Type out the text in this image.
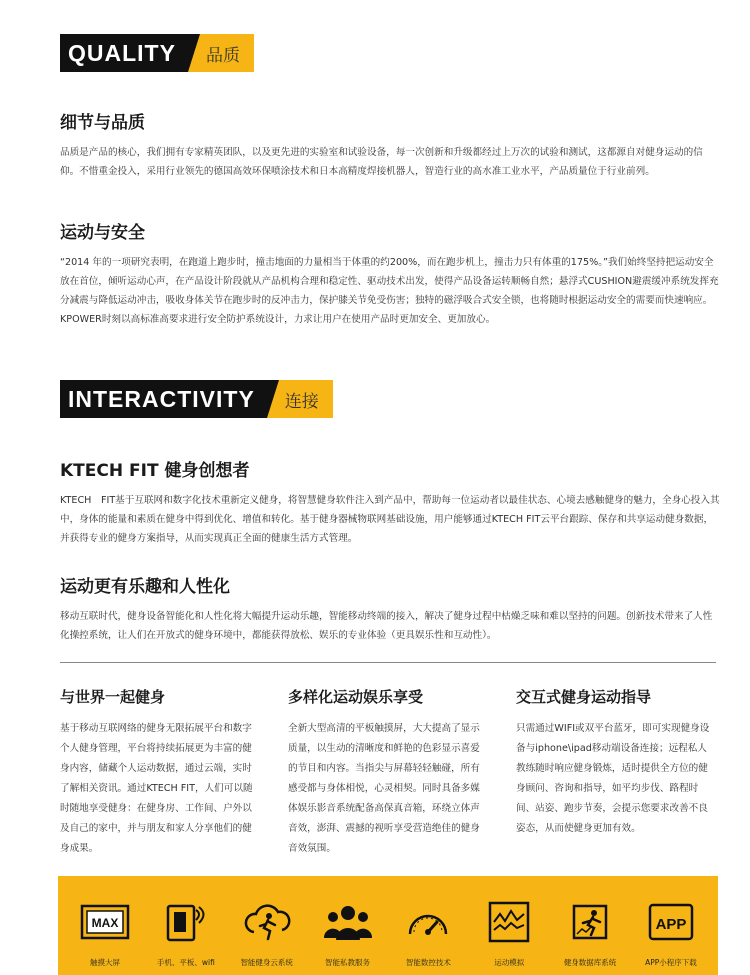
QUALITY	品质
细节与品质

品质是产品的核心，我们拥有专家精英团队，以及更先进的实验室和试验设备，每一次创新和升级都经过上万次的试验和测试，这都源自对健身运动的信仰。不惜重金投入，采用行业领先的德国高效环保喷涂技术和日本高精度焊接机器人，智造行业的高水准工业水平，产品质量位于行业前列。

运动与安全

“2014 年的一项研究表明，在跑道上跑步时，撞击地面的力量相当于体重的约200%，而在跑步机上，撞击力只有体重的175%。”我们始终坚持把运动安全放在首位，倾听运动心声，在产品设计阶段就从产品机构合理和稳定性、驱动技术出发，使得产品设备运转顺畅自然；悬浮式CUSHION避震缓冲系统发挥充分减震与降低运动冲击，吸收身体关节在跑步时的反冲击力，保护膝关节免受伤害；独特的磁浮吸合式安全锁，也将随时根据运动安全的需要而快速响应。KPOWER时刻以高标准高要求进行安全防护系统设计，力求让用户在使用产品时更加安全、更加放心。

INTERACTIVITY	连接
KTECH FIT 健身创想者

KTECH　FIT基于互联网和数字化技术重新定义健身，将智慧健身软件注入到产品中，帮助每一位运动者以最佳状态、心境去感触健身的魅力，全身心投入其中，身体的能量和素质在健身中得到优化、增值和转化。基于健身器械物联网基础设施，用户能够通过KTECH FIT云平台跟踪、保存和共享运动健身数据，并获得专业的健身方案指导，从而实现真正全面的健康生活方式管理。

运动更有乐趣和人性化

移动互联时代，健身设备智能化和人性化将大幅提升运动乐趣，智能移动终端的接入，解决了健身过程中枯燥乏味和难以坚持的问题。创新技术带来了人性化操控系统，让人们在开放式的健身环境中，都能获得放松、娱乐的专业体验（更具娱乐性和互动性）。

与世界一起健身

基于移动互联网络的健身无限拓展平台和数字个人健身管理，平台将持续拓展更为丰富的健身内容，储藏个人运动数据，通过云端，实时了解相关资讯。通过KTECH FIT，人们可以随时随地享受健身：在健身房、工作间、户外以及自己的家中，并与朋友和家人分享他们的健身成果。

多样化运动娱乐享受

全新大型高清的平板触摸屏，大大提高了显示质量，以生动的清晰度和鲜艳的色彩显示喜爱的节目和内容。当指尖与屏幕轻轻触碰，所有感受都与身体相悦，心灵相契。同时具备多媒体娱乐影音系统配备高保真音箱，环绕立体声音效，澎湃、震撼的视听享受营造绝佳的健身音效氛围。

交互式健身运动指导

只需通过WIFI或双平台蓝牙，即可实现健身设备与iphone\ipad移动端设备连接；远程私人教练随时响应健身锻炼，适时提供全方位的健身顾问、咨询和指导，如平均步伐、路程时间、站姿、跑步节奏，会提示您要求改善不良姿态，从而使健身更加有效。

MAX
触摸大屏	手机、平板、wifi	智能健身云系统	智能私教服务	智能数控技术	运动模拟	健身数据库系统
APP
APP小程序下载
